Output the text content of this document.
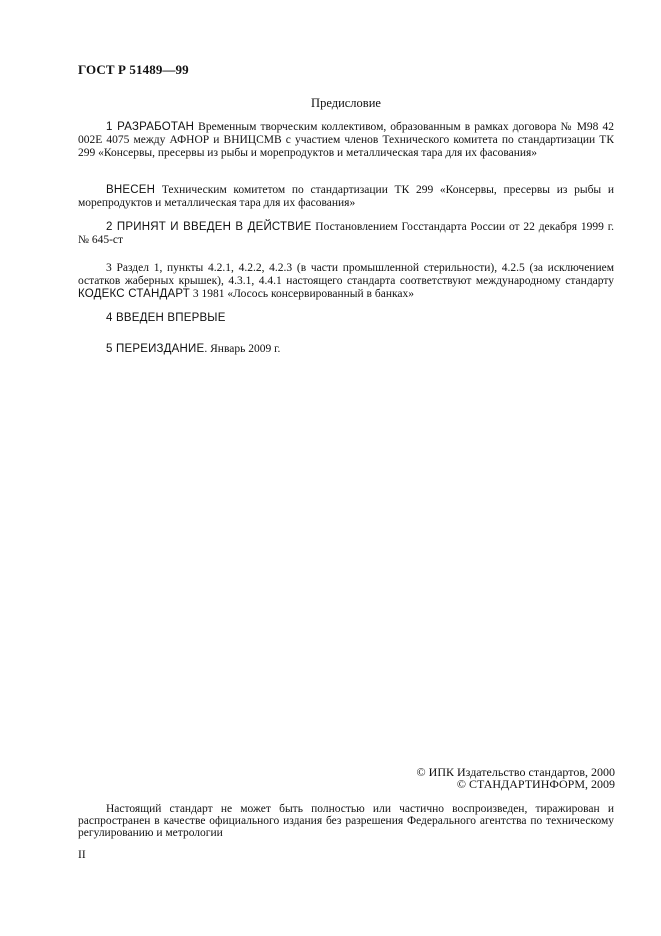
ГОСТ Р 51489—99
Предисловие

1 РАЗРАБОТАН Временным творческим коллективом, образованным в рамках договора № М98 42 002Е 4075 между АФНОР и ВНИЦСМВ с участием членов Технического комитета по стандартизации ТК 299 «Консервы, пресервы из рыбы и морепродуктов и металлическая тара для их фасования»

ВНЕСЕН Техническим комитетом по стандартизации ТК 299 «Консервы, пресервы из рыбы и морепродуктов и металлическая тара для их фасования»

2 ПРИНЯТ И ВВЕДЕН В ДЕЙСТВИЕ Постановлением Госстандарта России от 22 декабря 1999 г. № 645-ст

3 Раздел 1, пункты 4.2.1, 4.2.2, 4.2.3 (в части промышленной стерильности), 4.2.5 (за исключением остатков жаберных крышек), 4.3.1, 4.4.1 настоящего стандарта соответствуют международному стандарту КОДЕКС СТАНДАРТ 3 1981 «Лосось консервированный в банках»

4 ВВЕДЕН ВПЕРВЫЕ

5 ПЕРЕИЗДАНИЕ. Январь 2009 г.

© ИПК Издательство стандартов, 2000
© СТАНДАРТИНФОРМ, 2009

Настоящий стандарт не может быть полностью или частично воспроизведен, тиражирован и распространен в качестве официального издания без разрешения Федерального агентства по техническому регулированию и метрологии

II
